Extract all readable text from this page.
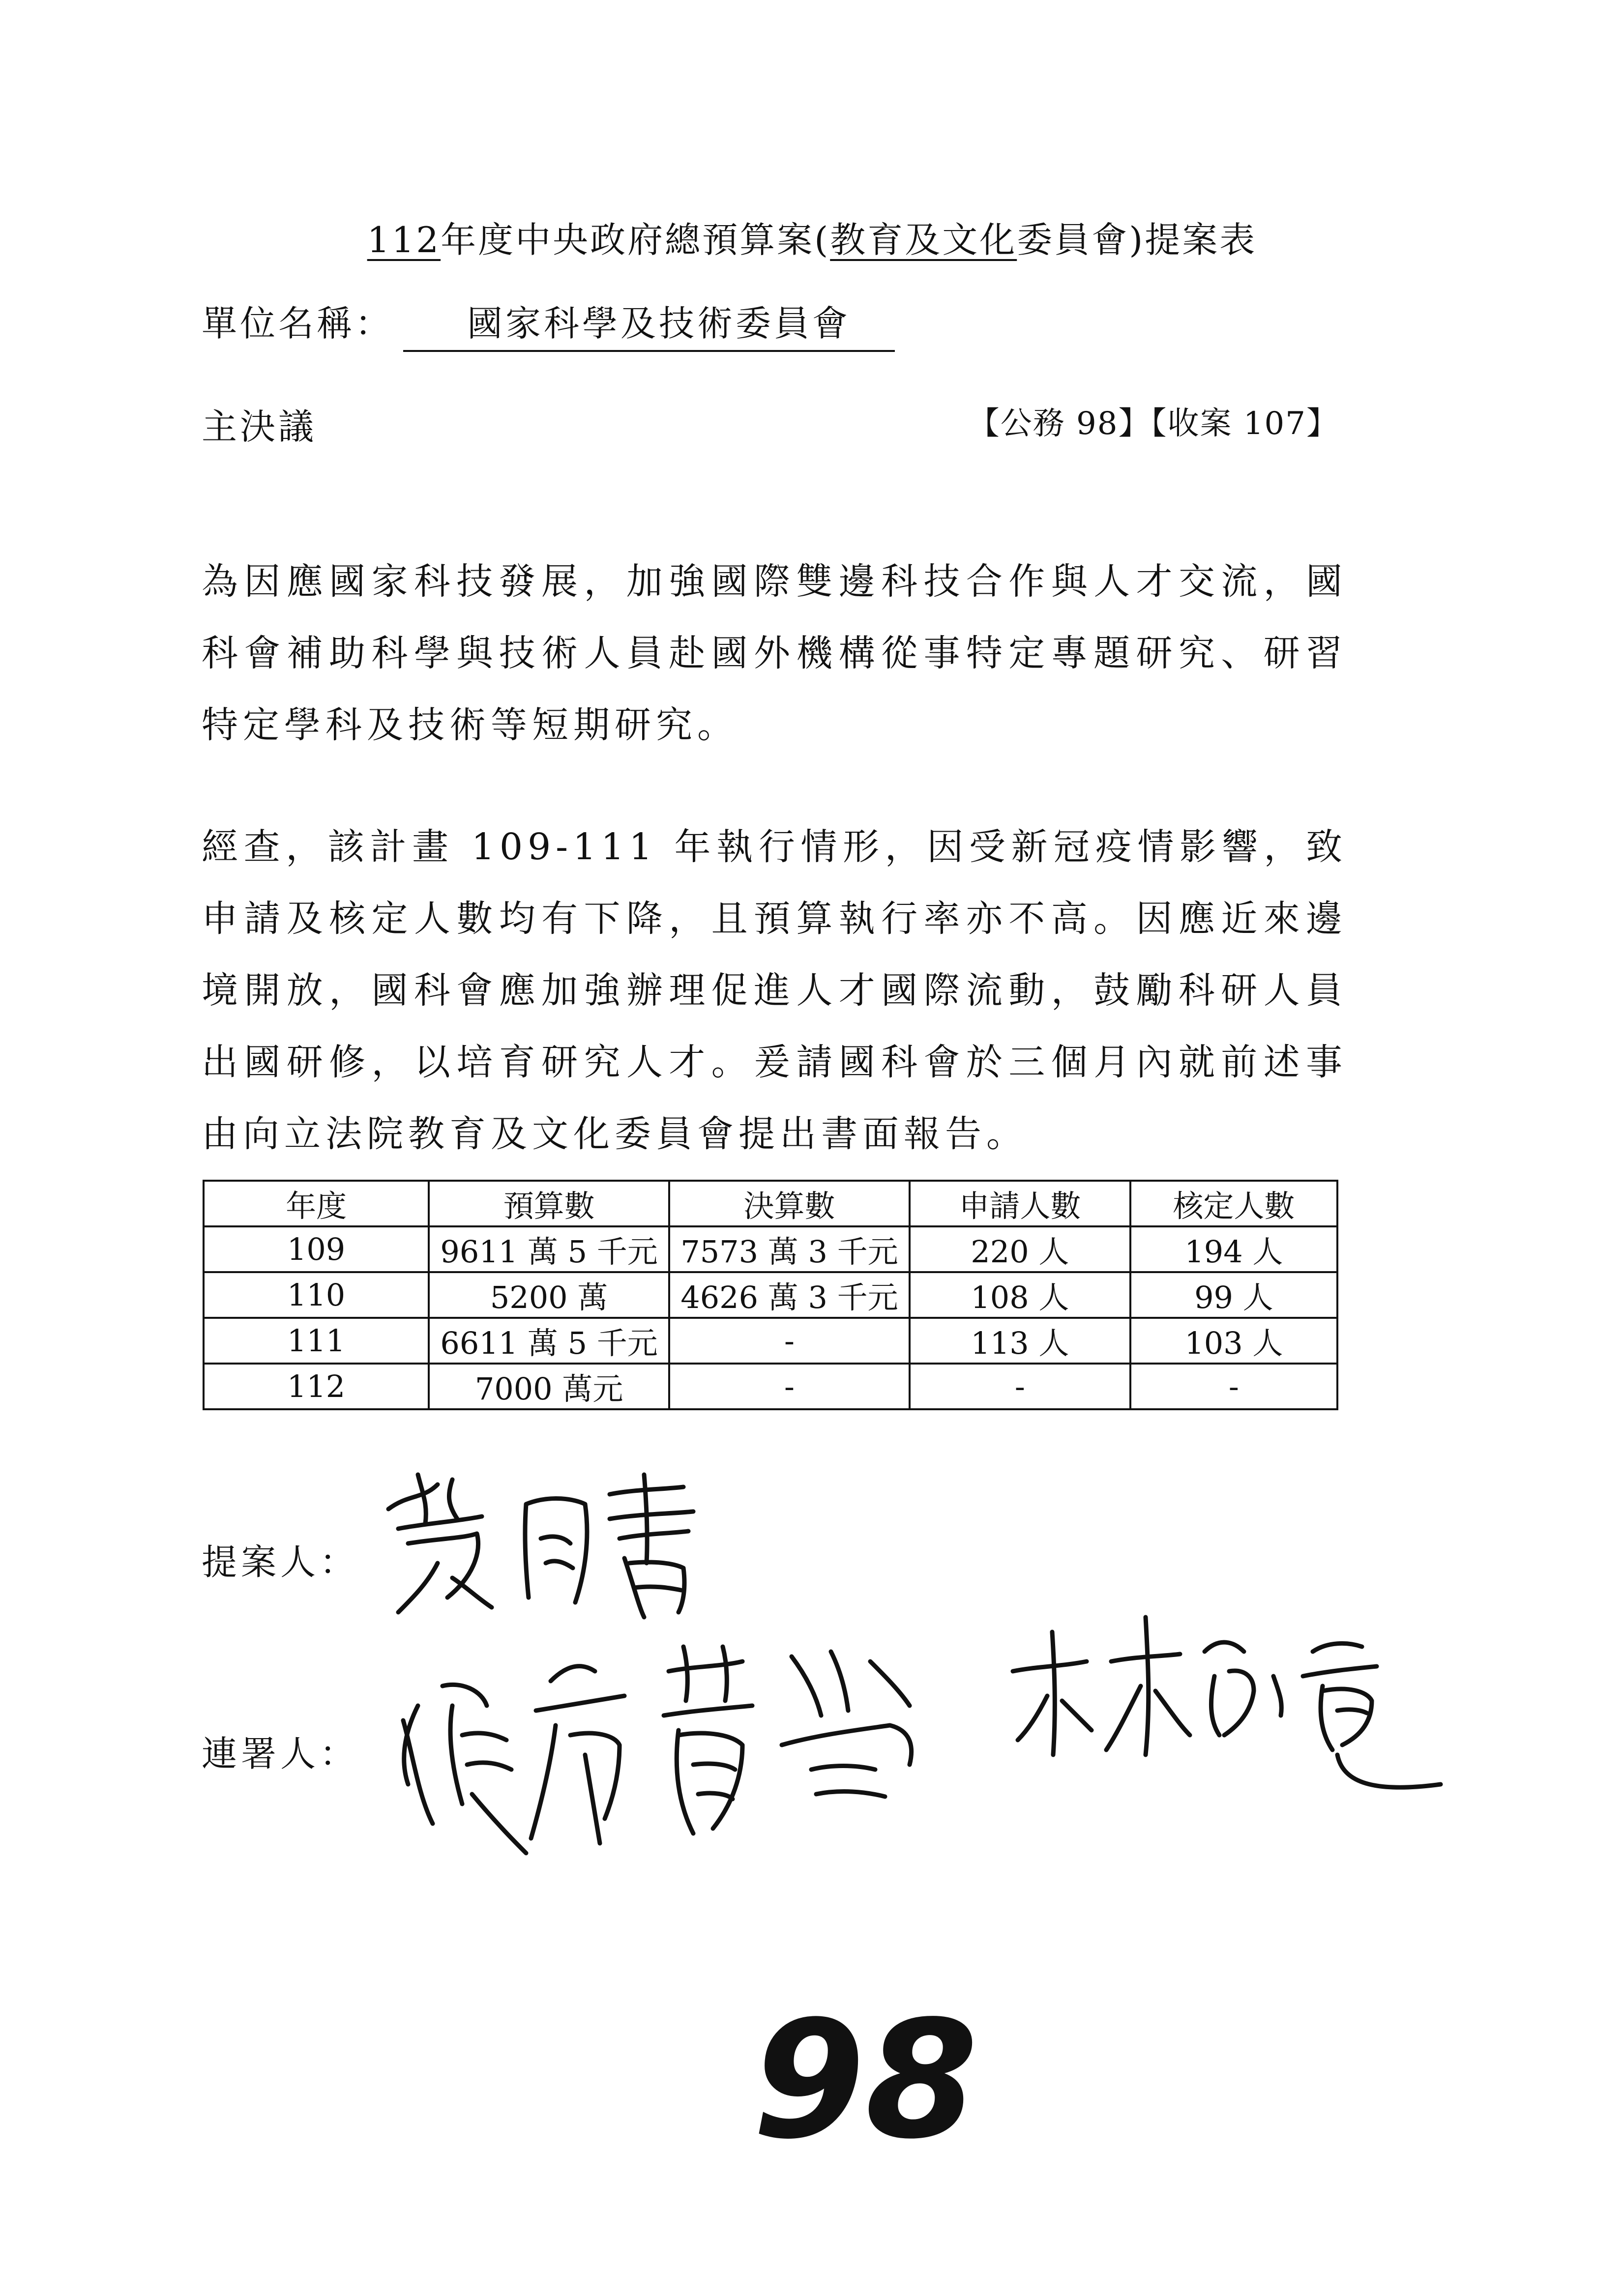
112年度中央政府總預算案(教育及文化委員會)提案表
單位名稱： 國家科學及技術委員會
主決議	【公務 98】【收案 107】
為因應國家科技發展，加強國際雙邊科技合作與人才交流，國科會補助科學與技術人員赴國外機構從事特定專題研究、研習特定學科及技術等短期研究。
經查，該計畫 109-111 年執行情形，因受新冠疫情影響，致申請及核定人數均有下降，且預算執行率亦不高。因應近來邊境開放，國科會應加強辦理促進人才國際流動，鼓勵科研人員出國研修，以培育研究人才。爰請國科會於三個月內就前述事由向立法院教育及文化委員會提出書面報告。
年度	預算數	決算數	申請人數	核定人數
109	9611 萬 5 千元	7573 萬 3 千元	220 人	194 人
110	5200 萬	4626 萬 3 千元	108 人	99 人
111	6611 萬 5 千元	-	113 人	103 人
112	7000 萬元	-	-	-
提案人：
連署人：
98
